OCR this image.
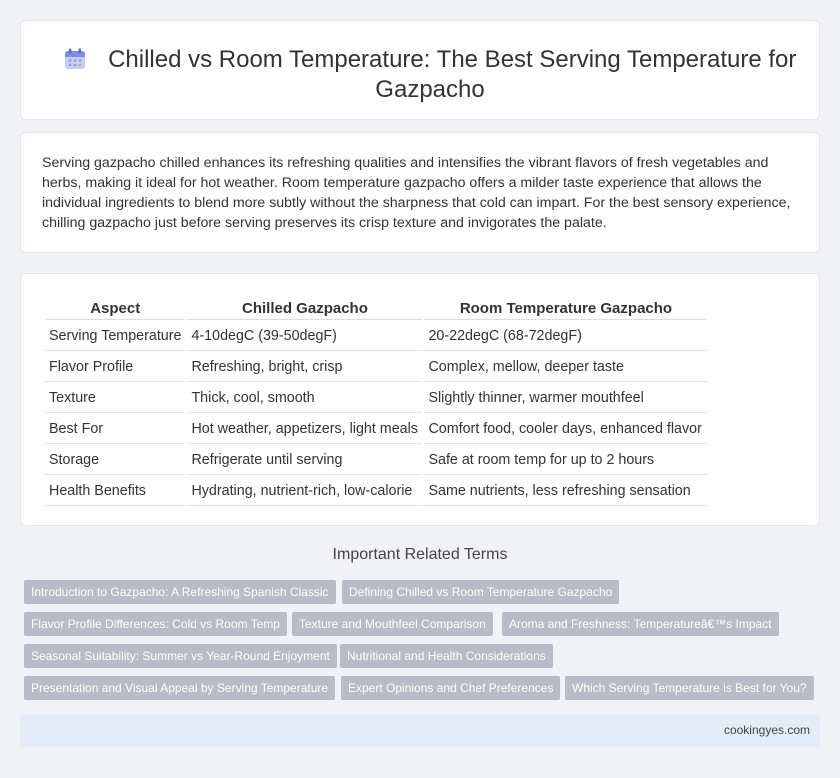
Chilled vs Room Temperature: The Best Serving Temperature for Gazpacho

Serving gazpacho chilled enhances its refreshing qualities and intensifies the vibrant flavors of fresh vegetables and herbs, making it ideal for hot weather. Room temperature gazpacho offers a milder taste experience that allows the individual ingredients to blend more subtly without the sharpness that cold can impart. For the best sensory experience, chilling gazpacho just before serving preserves its crisp texture and invigorates the palate.

Aspect	Chilled Gazpacho	Room Temperature Gazpacho
Serving Temperature	4-10degC (39-50degF)	20-22degC (68-72degF)
Flavor Profile	Refreshing, bright, crisp	Complex, mellow, deeper taste
Texture	Thick, cool, smooth	Slightly thinner, warmer mouthfeel
Best For	Hot weather, appetizers, light meals	Comfort food, cooler days, enhanced flavor
Storage	Refrigerate until serving	Safe at room temp for up to 2 hours
Health Benefits	Hydrating, nutrient-rich, low-calorie	Same nutrients, less refreshing sensation
Important Related Terms
Introduction to Gazpacho: A Refreshing Spanish Classic	Defining Chilled vs Room Temperature Gazpacho
Flavor Profile Differences: Cold vs Room Temp	Texture and Mouthfeel Comparison	Aroma and Freshness: Temperatureâ€™s Impact
Seasonal Suitability: Summer vs Year-Round Enjoyment	Nutritional and Health Considerations
Presentation and Visual Appeal by Serving Temperature	Expert Opinions and Chef Preferences	Which Serving Temperature is Best for You?
cookingyes.com
